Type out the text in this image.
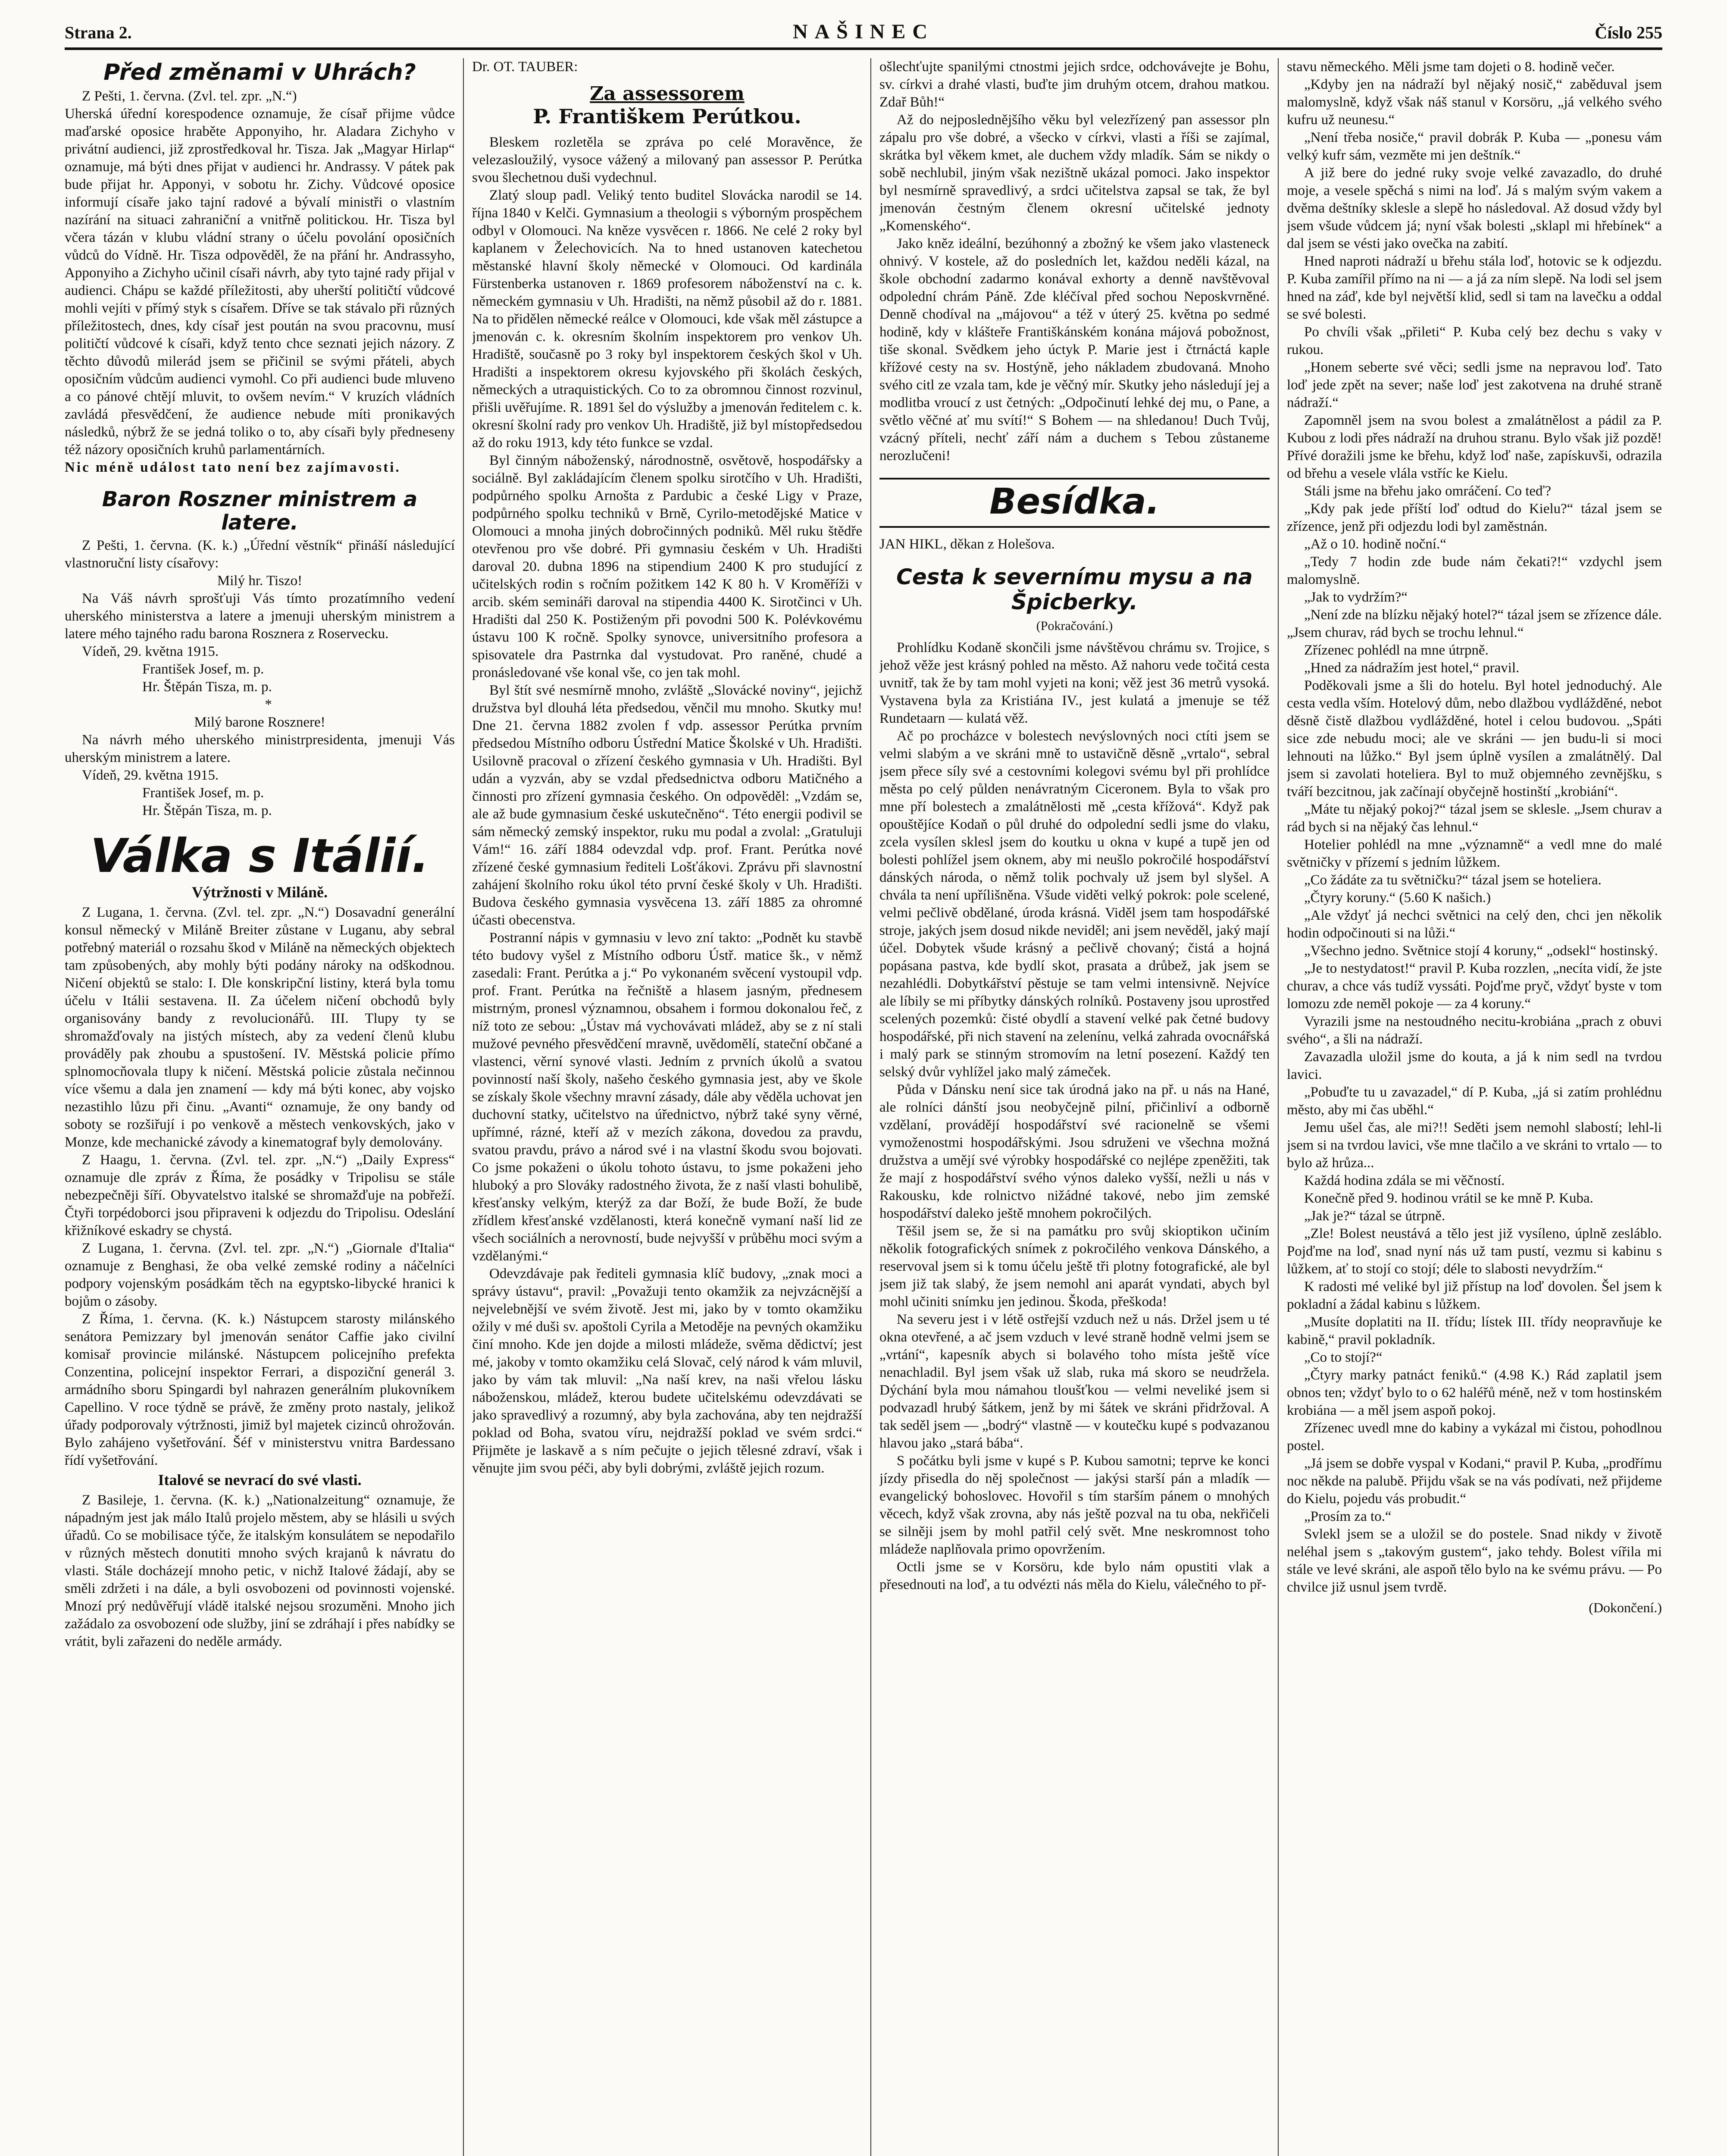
Strana 2.	NAŠINEC	Číslo 255
Před změnami v Uhrách?

Z Pešti, 1. června. (Zvl. tel. zpr. „N.“)

Uherská úřední korespodence oznamuje, že císař přijme vůdce maďarské oposice hraběte Apponyiho, hr. Aladara Zichyho v privátní audienci, již zprostředkoval hr. Tisza. Jak „Magyar Hirlap“ oznamuje, má býti dnes přijat v audienci hr. Andrassy. V pátek pak bude přijat hr. Apponyi, v sobotu hr. Zichy. Vůdcové oposice informují císaře jako tajní radové a bývalí ministři o vlastním nazírání na situaci zahraniční a vnitřně politickou. Hr. Tisza byl včera tázán v klubu vládní strany o účelu povolání oposičních vůdců do Vídně. Hr. Tisza odpověděl, že na přání hr. Andrassyho, Apponyiho a Zichyho učinil císaři návrh, aby tyto tajné rady přijal v audienci. Chápu se každé příležitosti, aby uherští političtí vůdcové mohli vejíti v přímý styk s císařem. Dříve se tak stávalo při různých příležitostech, dnes, kdy císař jest poután na svou pracovnu, musí političtí vůdcové k císaři, když tento chce seznati jejich názory. Z těchto důvodů milerád jsem se přičinil se svými přáteli, abych oposičním vůdcům audienci vymohl. Co při audienci bude mluveno a co pánové chtějí mluvit, to ovšem nevím.“ V kruzích vládních zavládá přesvědčení, že audience nebude míti pronikavých následků, nýbrž že se jedná toliko o to, aby císaři byly předneseny též názory oposičních kruhů parlamentárních.

Nic méně událost tato není bez zajímavosti.

Baron Roszner ministrem a latere.

Z Pešti, 1. června. (K. k.) „Úřední věstník“ přináší následující vlastnoruční listy císařovy:

Milý hr. Tiszo!

Na Váš návrh sprošťuji Vás tímto prozatímního vedení uherského ministerstva a latere a jmenuji uherským ministrem a latere mého tajného radu barona Rosznera z Roservecku.

Vídeň, 29. května 1915.

František Josef, m. p.

Hr. Štěpán Tisza, m. p.

*

Milý barone Rosznere!

Na návrh mého uherského ministrpresidenta, jmenuji Vás uherským ministrem a latere.

Vídeň, 29. května 1915.

František Josef, m. p.

Hr. Štěpán Tisza, m. p.

Válka s Itálií.
Výtržnosti v Miláně.

Z Lugana, 1. června. (Zvl. tel. zpr. „N.“) Dosavadní generální konsul německý v Miláně Breiter zůstane v Luganu, aby sebral potřebný materiál o rozsahu škod v Miláně na německých objektech tam způsobených, aby mohly býti podány nároky na odškodnou. Ničení objektů se stalo: I. Dle konskripční listiny, která byla tomu účelu v Itálii sestavena. II. Za účelem ničení obchodů byly organisovány bandy z revolucionářů. III. Tlupy ty se shromažďovaly na jistých místech, aby za vedení členů klubu prováděly pak zhoubu a spustošení. IV. Městská policie přímo splnomocňovala tlupy k ničení. Městská policie zůstala nečinnou více všemu a dala jen znamení — kdy má býti konec, aby vojsko nezastihlo lůzu při činu. „Avanti“ oznamuje, že ony bandy od soboty se rozšiřují i po venkově a městech venkovských, jako v Monze, kde mechanické závody a kinematograf byly demolovány.

Z Haagu, 1. června. (Zvl. tel. zpr. „N.“) „Daily Express“ oznamuje dle zpráv z Říma, že posádky v Tripolisu se stále nebezpečněji šíří. Obyvatelstvo italské se shromažďuje na pobřeží. Čtyři torpédoborci jsou připraveni k odjezdu do Tripolisu. Odeslání křižníkové eskadry se chystá.

Z Lugana, 1. června. (Zvl. tel. zpr. „N.“) „Giornale d'Italia“ oznamuje z Benghasi, že oba velké zemské rodiny a náčelníci podpory vojenským posádkám těch na egyptsko-libycké hranici k bojům o zásoby.

Z Říma, 1. června. (K. k.) Nástupcem starosty milánského senátora Pemizzary byl jmenován senátor Caffie jako civilní komisař provincie milánské. Nástupcem policejního prefekta Conzentina, policejní inspektor Ferrari, a dispoziční generál 3. armádního sboru Spingardi byl nahrazen generálním plukovníkem Capellino. V roce týdně se právě, že změny proto nastaly, jelikož úřady podporovaly výtržnosti, jimiž byl majetek cizinců ohrožován. Bylo zahájeno vyšetřování. Šéf v ministerstvu vnitra Bardessano řídí vyšetřování.

Italové se nevrací do své vlasti.

Z Basileje, 1. června. (K. k.) „Nationalzeitung“ oznamuje, že nápadným jest jak málo Italů projelo městem, aby se hlásili u svých úřadů. Co se mobilisace týče, že italským konsulátem se nepodařilo v různých městech donutiti mnoho svých krajanů k návratu do vlasti. Stále docházejí mnoho petic, v nichž Italové žádají, aby se směli zdržeti i na dále, a byli osvobozeni od povinnosti vojenské. Mnozí prý nedůvěřují vládě italské nejsou srozuměni. Mnoho jich zažádalo za osvobození ode služby, jiní se zdráhají i přes nabídky se vrátit, byli zařazeni do neděle armády.

Dr. OT. TAUBER:

Za assessorem
P. Františkem Perútkou.

Bleskem rozletěla se zpráva po celé Moravěnce, že velezasloužilý, vysoce vážený a milovaný pan assessor P. Perútka svou šlechetnou duši vydechnul.

Zlatý sloup padl. Veliký tento buditel Slovácka narodil se 14. října 1840 v Kelči. Gymnasium a theologii s výborným prospěchem odbyl v Olomouci. Na kněze vysvěcen r. 1866. Ne celé 2 roky byl kaplanem v Želechovicích. Na to hned ustanoven katechetou městanské hlavní školy německé v Olomouci. Od kardinála Fürstenberka ustanoven r. 1869 profesorem náboženství na c. k. německém gymnasiu v Uh. Hradišti, na němž působil až do r. 1881. Na to přidělen německé reálce v Olomouci, kde však měl zástupce a jmenován c. k. okresním školním inspektorem pro venkov Uh. Hradiště, současně po 3 roky byl inspektorem českých škol v Uh. Hradišti a inspektorem okresu kyjovského při školách českých, německých a utraquistických. Co to za obromnou činnost rozvinul, přišli uvěřujíme. R. 1891 šel do výslužby a jmenován ředitelem c. k. okresní školní rady pro venkov Uh. Hradiště, již byl místopředsedou až do roku 1913, kdy této funkce se vzdal.

Byl činným náboženský, národnostně, osvětově, hospodářsky a sociálně. Byl zakládajícím členem spolku sirotčího v Uh. Hradišti, podpůrného spolku Arnošta z Pardubic a české Ligy v Praze, podpůrného spolku techniků v Brně, Cyrilo-metodějské Matice v Olomouci a mnoha jiných dobročinných podniků. Měl ruku štědře otevřenou pro vše dobré. Při gymnasiu českém v Uh. Hradišti daroval 20. dubna 1896 na stipendium 2400 K pro studující z učitelských rodin s ročním požitkem 142 K 80 h. V Kroměříži v arcib. ském semináři daroval na stipendia 4400 K. Sirotčinci v Uh. Hradišti dal 250 K. Postiženým při povodni 500 K. Polévkovému ústavu 100 K ročně. Spolky synovce, universitního profesora a spisovatele dra Pastrnka dal vystudovat. Pro raněné, chudé a pronásledované vše konal vše, co jen tak mohl.

Byl štít své nesmírně mnoho, zvláště „Slovácké noviny“, jejichž družstva byl dlouhá léta předsedou, věnčil mu mnoho. Skutky mu! Dne 21. června 1882 zvolen f vdp. assessor Perútka prvním předsedou Místního odboru Ústřední Matice Školské v Uh. Hradišti. Usilovně pracoval o zřízení českého gymnasia v Uh. Hradišti. Byl udán a vyzván, aby se vzdal předsednictva odboru Matičného a činnosti pro zřízení gymnasia českého. On odpověděl: „Vzdám se, ale až bude gymnasium české uskutečněno“. Této energii podivil se sám německý zemský inspektor, ruku mu podal a zvolal: „Gratuluji Vám!“ 16. září 1884 odevzdal vdp. prof. Frant. Perútka nové zřízené české gymnasium řediteli Lošťákovi. Zprávu při slavnostní zahájení školního roku úkol této první české školy v Uh. Hradišti. Budova českého gymnasia vysvěcena 13. září 1885 za ohromné účasti obecenstva.

Postranní nápis v gymnasiu v levo zní takto: „Podnět ku stavbě této budovy vyšel z Místního odboru Ústř. matice šk., v němž zasedali: Frant. Perútka a j.“ Po vykonaném svěcení vystoupil vdp. prof. Frant. Perútka na řečniště a hlasem jasným, přednesem mistrným, pronesl významnou, obsahem i formou dokonalou řeč, z níž toto ze sebou: „Ústav má vychovávati mládež, aby se z ní stali mužové pevného přesvědčení mravně, uvědomělí, stateční občané a vlastenci, věrní synové vlasti. Jedním z prvních úkolů a svatou povinností naší školy, našeho českého gymnasia jest, aby ve škole se získaly škole všechny mravní zásady, dále aby věděla uchovat jen duchovní statky, učitelstvo na úřednictvo, nýbrž také syny věrné, upřímné, rázné, kteří až v mezích zákona, dovedou za pravdu, svatou pravdu, právo a národ své i na vlastní škodu svou bojovati. Co jsme pokaženi o úkolu tohoto ústavu, to jsme pokaženi jeho hluboký a pro Slováky radostného života, že z naší vlasti bohulibě, křesťansky velkým, kterýž za dar Boží, že bude Boží, že bude zřídlem křesťanské vzdělanosti, která konečně vymaní naší lid ze všech sociálních a nerovností, bude nejvyšší v průběhu moci svým a vzdělanými.“

Odevzdávaje pak řediteli gymnasia klíč budovy, „znak moci a správy ústavu“, pravil: „Považuji tento okamžik za nejvzácnější a nejvelebnější ve svém životě. Jest mi, jako by v tomto okamžiku ožily v mé duši sv. apoštoli Cyrila a Metoděje na pevných okamžiku činí mnoho. Kde jen dojde a milosti mládeže, svěma dědictví; jest mé, jakoby v tomto okamžiku celá Slovač, celý národ k vám mluvil, jako by vám tak mluvil: „Na naší krev, na naši vřelou lásku náboženskou, mládež, kterou budete učitelskému odevzdávati se jako spravedlivý a rozumný, aby byla zachována, aby ten nejdražší poklad od Boha, svatou víru, nejdražší poklad ve svém srdci.“ Přijměte je laskavě a s ním pečujte o jejich tělesné zdraví, však i věnujte jim svou péči, aby byli dobrými, zvláště jejich rozum.

ošlechťujte spanilými ctnostmi jejich srdce, odchovávejte je Bohu, sv. církvi a drahé vlasti, buďte jim druhým otcem, drahou matkou. Zdař Bůh!“

Až do nejposlednějšího věku byl velezřízený pan assessor pln zápalu pro vše dobré, a všecko v církvi, vlasti a říši se zajímal, skrátka byl věkem kmet, ale duchem vždy mladík. Sám se nikdy o sobě nechlubil, jiným však nezištně ukázal pomoci. Jako inspektor byl nesmírně spravedlivý, a srdci učitelstva zapsal se tak, že byl jmenován čestným členem okresní učitelské jednoty „Komenského“.

Jako kněz ideální, bezúhonný a zbožný ke všem jako vlasteneck ohnivý. V kostele, až do posledních let, každou neděli kázal, na škole obchodní zadarmo konával exhorty a denně navštěvoval odpolední chrám Páně. Zde kléčíval před sochou Neposkvrněné. Denně chodíval na „májovou“ a též v úterý 25. května po sedmé hodině, kdy v klášteře Františkánském konána májová pobožnost, tiše skonal. Svědkem jeho úctyk P. Marie jest i čtrnáctá kaple křížové cesty na sv. Hostýně, jeho nákladem zbudovaná. Mnoho svého citl ze vzala tam, kde je věčný mír. Skutky jeho následují jej a modlitba vroucí z ust četných: „Odpočinutí lehké dej mu, o Pane, a světlo věčné ať mu svítí!“ S Bohem — na shledanou! Duch Tvůj, vzácný příteli, nechť září nám a duchem s Tebou zůstaneme nerozlučeni!

Besídka.

JAN HIKL, děkan z Holešova.

Cesta k severnímu mysu a na Špicberky.
(Pokračování.)

Prohlídku Kodaně skončili jsme návštěvou chrámu sv. Trojice, s jehož věže jest krásný pohled na město. Až nahoru vede točitá cesta uvnitř, tak že by tam mohl vyjeti na koni; věž jest 36 metrů vysoká. Vystavena byla za Kristiána IV., jest kulatá a jmenuje se též Rundetaarn — kulatá věž.

Ač po procházce v bolestech nevýslovných noci ctíti jsem se velmi slabým a ve skráni mně to ustavičně děsně „vrtalo“, sebral jsem přece síly své a cestovními kolegovi svému byl při prohlídce města po celý půlden nenávratným Ciceronem. Byla to však pro mne pří bolestech a zmalátnělosti mě „cesta křížová“. Když pak opouštějíce Kodaň o půl druhé do odpolední sedli jsme do vlaku, zcela vysílen sklesl jsem do koutku u okna v kupé a tupě jen od bolesti pohlížel jsem oknem, aby mi neušlo pokročilé hospodářství dánských národa, o němž tolik pochvaly už jsem byl slyšel. A chvála ta není upřílišněna. Všude viděti velký pokrok: pole scelené, velmi pečlivě obdělané, úroda krásná. Viděl jsem tam hospodářské stroje, jakých jsem dosud nikde neviděl; ani jsem nevěděl, jaký mají účel. Dobytek všude krásný a pečlivě chovaný; čistá a hojná popásana pastva, kde bydlí skot, prasata a drůbež, jak jsem se nezahlédli. Dobytkářství pěstuje se tam velmi intensivně. Nejvíce ale líbily se mi příbytky dánských rolníků. Postaveny jsou uprostřed scelených pozemků: čisté obydlí a stavení velké pak četné budovy hospodářské, při nich stavení na zelenínu, velká zahrada ovocnářská i malý park se stinným stromovím na letní posezení. Každý ten selský dvůr vyhlížel jako malý zámeček.

Půda v Dánsku není sice tak úrodná jako na př. u nás na Hané, ale rolníci dánští jsou neobyčejně pilní, přičinliví a odborně vzdělaní, provádějí hospodářství své racionelně se všemi vymoženostmi hospodářskými. Jsou sdruženi ve všechna možná družstva a umějí své výrobky hospodářské co nejlépe zpeněžiti, tak že mají z hospodářství svého výnos daleko vyšší, nežli u nás v Rakousku, kde rolnictvo nižádné takové, nebo jim zemské hospodářství daleko ještě mnohem pokročilých.

Těšil jsem se, že si na památku pro svůj skioptikon učiním několik fotografických snímek z pokročilého venkova Dánského, a reservoval jsem si k tomu účelu ještě tři plotny fotografické, ale byl jsem již tak slabý, že jsem nemohl ani aparát vyndati, abych byl mohl učiniti snímku jen jedinou. Škoda, přeškoda!

Na severu jest i v létě ostřejší vzduch než u nás. Držel jsem u té okna otevřené, a ač jsem vzduch v levé straně hodně velmi jsem se „vrtání“, kapesník abych si bolavého toho místa ještě více nenachladil. Byl jsem však už slab, ruka má skoro se neudržela. Dýchání byla mou námahou tloušťkou — velmi neveliké jsem si podvazadl hrubý šátkem, jenž by mi šátek ve skráni přidržoval. A tak seděl jsem — „bodrý“ vlastně — v koutečku kupé s podvazanou hlavou jako „stará bába“.

S počátku byli jsme v kupé s P. Kubou samotni; teprve ke konci jízdy přisedla do něj společnost — jakýsi starší pán a mladík — evangelický bohoslovec. Hovořil s tím starším pánem o mnohých věcech, když však zrovna, aby nás ještě pozval na tu oba, nekřičeli se silněji jsem by mohl patřil celý svět. Mne neskromnost toho mládeže naplňovala primo opovržením.

Octli jsme se v Korsöru, kde bylo nám opustiti vlak a přesednouti na loď, a tu odvézti nás měla do Kielu, válečného to př-

stavu německého. Měli jsme tam dojeti o 8. hodině večer.

„Kdyby jen na nádraží byl nějaký nosič,“ zaběduval jsem malomyslně, když však náš stanul v Korsöru, „já velkého svého kufru už neunesu.“

„Není třeba nosiče,“ pravil dobrák P. Kuba — „ponesu vám velký kufr sám, vezměte mi jen deštník.“

A již bere do jedné ruky svoje velké zavazadlo, do druhé moje, a vesele spěchá s nimi na loď. Já s malým svým vakem a dvěma deštníky sklesle a slepě ho následoval. Až dosud vždy byl jsem všude vůdcem já; nyní však bolesti „sklapl mi hřebínek“ a dal jsem se vésti jako ovečka na zabití.

Hned naproti nádraží u břehu stála loď, hotovic se k odjezdu. P. Kuba zamířil přímo na ni — a já za ním slepě. Na lodi sel jsem hned na záď, kde byl největší klid, sedl si tam na lavečku a oddal se své bolesti.

Po chvíli však „přileti“ P. Kuba celý bez dechu s vaky v rukou.

„Honem seberte své věci; sedli jsme na nepravou loď. Tato loď jede zpět na sever; naše loď jest zakotvena na druhé straně nádraží.“

Zapomněl jsem na svou bolest a zmalátnělost a pádil za P. Kubou z lodi přes nádraží na druhou stranu. Bylo však již pozdě! Přívé doražili jsme ke břehu, když loď naše, zapískuvši, odrazila od břehu a vesele vlála vstříc ke Kielu.

Stáli jsme na břehu jako omráčení. Co teď?

„Kdy pak jede příští loď odtud do Kielu?“ tázal jsem se zřízence, jenž při odjezdu lodi byl zaměstnán.

„Až o 10. hodině noční.“

„Tedy 7 hodin zde bude nám čekati?!“ vzdychl jsem malomyslně.

„Jak to vydržím?“

„Není zde na blízku nějaký hotel?“ tázal jsem se zřízence dále. „Jsem churav, rád bych se trochu lehnul.“

Zřízenec pohlédl na mne útrpně.

„Hned za nádražím jest hotel,“ pravil.

Poděkovali jsme a šli do hotelu. Byl hotel jednoduchý. Ale cesta vedla vším. Hotelový dům, nebo dlažbou vydlážděné, nebot děsně čistě dlažbou vydlážděné, hotel i celou budovou. „Spáti sice zde nebudu moci; ale ve skráni — jen budu-li si moci lehnouti na lůžko.“ Byl jsem úplně vysílen a zmalátnělý. Dal jsem si zavolati hoteliera. Byl to muž objemného zevnějšku, s tváří bezcitnou, jak začínají obyčejně hostinští „krobiání“.

„Máte tu nějaký pokoj?“ tázal jsem se sklesle. „Jsem churav a rád bych si na nějaký čas lehnul.“

Hotelier pohlédl na mne „významně“ a vedl mne do malé světničky v přízemí s jedním lůžkem.

„Co žádáte za tu světničku?“ tázal jsem se hoteliera.

„Čtyry koruny.“ (5.60 K našich.)

„Ale vždyť já nechci světnici na celý den, chci jen několik hodin odpočinouti si na lůži.“

„Všechno jedno. Světnice stojí 4 koruny,“ „odsekl“ hostinský.

„Je to nestydatost!“ pravil P. Kuba rozzlen, „necíta vidí, že jste churav, a chce vás tudíž vyssáti. Pojďme pryč, vždyť byste v tom lomozu zde neměl pokoje — za 4 koruny.“

Vyrazili jsme na nestoudného necitu-krobiána „prach z obuvi svého“, a šli na nádraží.

Zavazadla uložil jsme do kouta, a já k nim sedl na tvrdou lavici.

„Pobuďte tu u zavazadel,“ dí P. Kuba, „já si zatím prohlédnu město, aby mi čas uběhl.“

Jemu ušel čas, ale mi?!! Seděti jsem nemohl slabostí; lehl-li jsem si na tvrdou lavici, vše mne tlačilo a ve skráni to vrtalo — to bylo až hrůza...

Každá hodina zdála se mi věčností.

Konečně před 9. hodinou vrátil se ke mně P. Kuba.

„Jak je?“ tázal se útrpně.

„Zle! Bolest neustává a tělo jest již vysíleno, úplně zesláblo. Pojďme na loď, snad nyní nás už tam pustí, vezmu si kabinu s lůžkem, ať to stojí co stojí; déle to slabosti nevydržím.“

K radosti mé veliké byl již přístup na loď dovolen. Šel jsem k pokladní a žádal kabinu s lůžkem.

„Musíte doplatiti na II. třídu; lístek III. třídy neopravňuje ke kabině,“ pravil pokladník.

„Co to stojí?“

„Čtyry marky patnáct feniků.“ (4.98 K.) Rád zaplatil jsem obnos ten; vždyť bylo to o 62 haléřů méně, než v tom hostinském krobiána — a měl jsem aspoň pokoj.

Zřízenec uvedl mne do kabiny a vykázal mi čistou, pohodlnou postel.

„Já jsem se dobře vyspal v Kodani,“ pravil P. Kuba, „prodřímu noc někde na palubě. Přijdu však se na vás podívati, než přijdeme do Kielu, pojedu vás probudit.“

„Prosím za to.“

Svlekl jsem se a uložil se do postele. Snad nikdy v životě neléhal jsem s „takovým gustem“, jako tehdy. Bolest vířila mi stále ve levé skráni, ale aspoň tělo bylo na ke svému právu. — Po chvilce již usnul jsem tvrdě.

(Dokončení.)
